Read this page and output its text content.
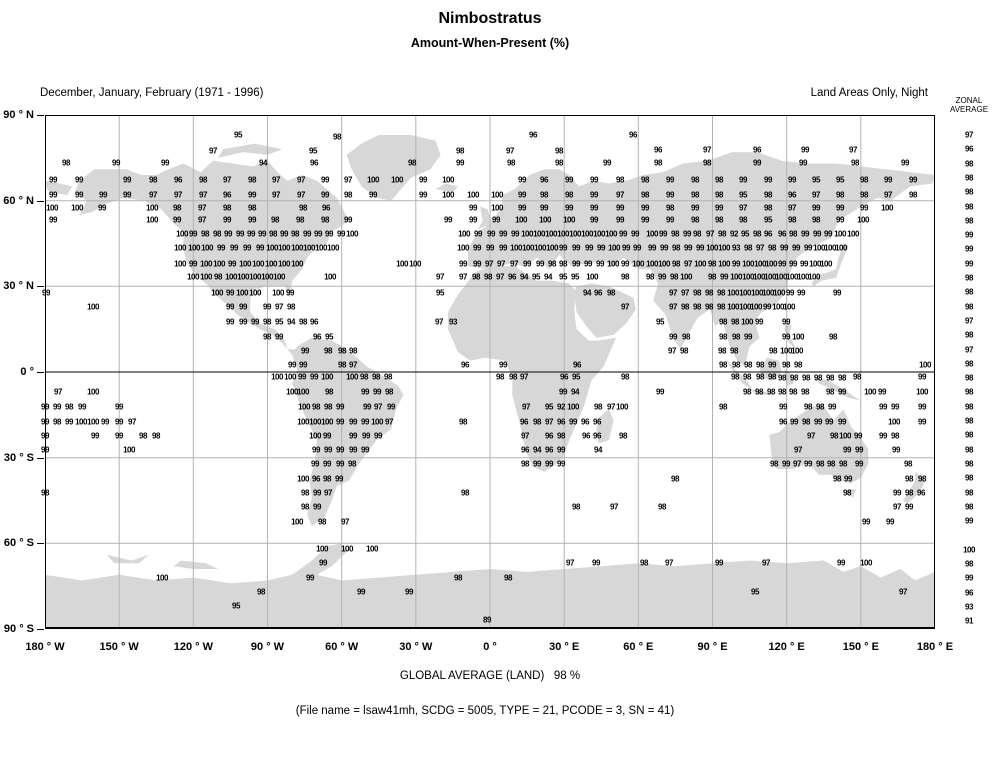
Nimbostratus
Amount-When-Present (%)
December, January, February (1971 - 1996)	Land Areas Only, Night
ZONAL
AVERAGE
95	96	96
98
97	95	98	97	98	96	97	96	99	97
98	99	99	94	96	98	99	98	98	99	98	98	99	99	98	99
99 99	99 98 96 98 97 98 97 97 99 97 100 100 99 100	99 96 99 99 98 98 99 98 98 99 99 99 95 95 98 99 99
99 99 99 99 97 97 97 96 99 97 97 99 98 99	99 100 100 100 99 98 98 99 97 98 99 98 98 95 98 96 97 98 98 97 98
100 100 99	100 98 97 98 98	98 96	99 100 99 99 99 99 99 99 98 99 99 97 98 97 99 99 99 100
99	100 99 97 99 99 98 98 98 99	99 99 99 100 100 100 99 99 99 99 98 98 98 95 98 98 99 100
100 99 98 98 99 99 99 99 98 99 98 99 99 99 99 100	100 99 99 99 99 100 100 100 100 100 100 100 100 99 99 100 99 98 99 98 97 98 92 95 98 96 96 98 99 99 99 100 100
100 100 100 99 99 99 99 100 100 100 100 100 100	100 99 99 99 100 100 100 100 99 99 99 99 100 99 99 99 99 98 99 99 100 100 93 98 97 98 99 99 99 100 100 100
100 99 100 100 99 100 100 100 100 100	100 100	99 99 97 97 97 99 99 98 98 99 99 99 100 99 100 100 100 98 97 100 98 100 99 100 100 100 99 99 99 100 100
100 100 98 100 100 100 100 100	100	97 97 98 98 97 96 94 95 94 95 95 100	98 98 99 98 100 98 99 100 100 100 100 100 100 100 100
99	100 99 100 100 100 99	95	94 96 98	97 97 98 98 98 100 100 100 100 100 99 99	99
100	99 99 99 97 98	97	97 98 98 98 98 100 100 100 99 100 100
99 99 99 98 95 94 98 96	97 93	95	98 98 100 99 99
98 99	96 95	99 98	98 98 99	99 100	98
99 98 98 98	97 98	98 98	98 100 100
99 99	98 97	96	99	96	98 98 98 98 99 98 98	100
100 100 99 99 100 100 98 98 98	98 98 97	96 95	98	98 98 98 98 98 98 98 98 98 98 98	99
97	100	100 100 98	99 99 98	99 94	99	98 98 98 98 98 98 98 99 100 99	100
99 99 98 99	99	100 98 98 99 99 97 99	97 95 92 100 98 97 100	98	99 98 98 99	99 99 99
99 98 99 100 100 99 99 97	100 100 100 99 99 99 100 97	98	96 98 97 96 99 96 96	96 99 98 99 99 99	100 99
99	99 99 98 98	100 99 99 99 99	97 96 98 96 96 98	97 98 100 99 99 98
99	100	99 99 99 99 99	96 94 96 99	94	97	99 99	99
99 99 99 98	98 99 99 99	98 99 97 99 98 98 98 99	98
100 96 98 99	98	98 99	98 98
98	98 99 97	98	98	99 98 96
98 99	98	97	98	97 99
100 98 97	99 99
100 100 100
99	97 99	98 97	99	97	99 100
100	99	98	98
98	99	99	95	97
95
89
90 ° N
60 ° N
30 ° N
0 °
30 ° S
60 ° S
90 ° S
180 ° W	150 ° W	120 ° W	90 ° W	60 ° W	30 ° W	0 °	30 ° E	60 ° E	90 ° E	120 ° E	150 ° E	180 ° E
97
96
98
98
98
98
98
99
99
99
98
98
98
97
98
97
98
98
98
98
98
98
98
98
98
98
98
99
100
98
99
96
93
91
GLOBAL AVERAGE (LAND)   98 %
(File name = lsaw41mh, SCDG = 5005, TYPE = 21, PCODE = 3, SN = 41)
